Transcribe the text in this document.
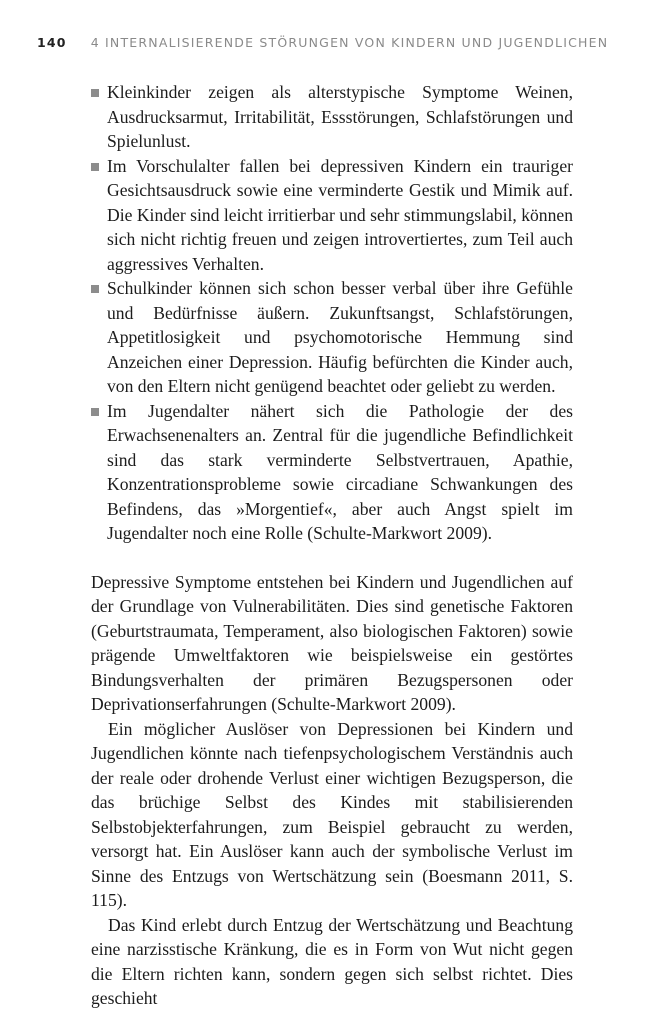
140 4 INTERNALISIERENDE STÖRUNGEN VON KINDERN UND JUGENDLICHEN
Kleinkinder zeigen als alterstypische Symptome Weinen, Ausdrucksarmut, Irritabilität, Essstörungen, Schlafstörungen und Spielunlust.
Im Vorschulalter fallen bei depressiven Kindern ein trauriger Gesichtsausdruck sowie eine verminderte Gestik und Mimik auf. Die Kinder sind leicht irritierbar und sehr stimmungslabil, können sich nicht richtig freuen und zeigen introvertiertes, zum Teil auch aggressives Verhalten.
Schulkinder können sich schon besser verbal über ihre Gefühle und Bedürfnisse äußern. Zukunftsangst, Schlafstörungen, Appetitlosigkeit und psychomotorische Hemmung sind Anzeichen einer Depression. Häufig befürchten die Kinder auch, von den Eltern nicht genügend beachtet oder geliebt zu werden.
Im Jugendalter nähert sich die Pathologie der des Erwachsenenalters an. Zentral für die jugendliche Befindlichkeit sind das stark verminderte Selbstvertrauen, Apathie, Konzentrationsprobleme sowie circadiane Schwankungen des Befindens, das »Morgentief«, aber auch Angst spielt im Jugendalter noch eine Rolle (Schulte-Markwort 2009).

Depressive Symptome entstehen bei Kindern und Jugendlichen auf der Grundlage von Vulnerabilitäten. Dies sind genetische Faktoren (Geburtstraumata, Temperament, also biologischen Faktoren) sowie prägende Umweltfaktoren wie beispielsweise ein gestörtes Bindungsverhalten der primären Bezugspersonen oder Deprivationserfahrungen (Schulte-Markwort 2009).

Ein möglicher Auslöser von Depressionen bei Kindern und Jugendlichen könnte nach tiefenpsychologischem Verständnis auch der reale oder drohende Verlust einer wichtigen Bezugsperson, die das brüchige Selbst des Kindes mit stabilisierenden Selbstobjekterfahrungen, zum Beispiel gebraucht zu werden, versorgt hat. Ein Auslöser kann auch der symbolische Verlust im Sinne des Entzugs von Wertschätzung sein (Boesmann 2011, S. 115).

Das Kind erlebt durch Entzug der Wertschätzung und Beachtung eine narzisstische Kränkung, die es in Form von Wut nicht gegen die Eltern richten kann, sondern gegen sich selbst richtet. Dies geschieht
